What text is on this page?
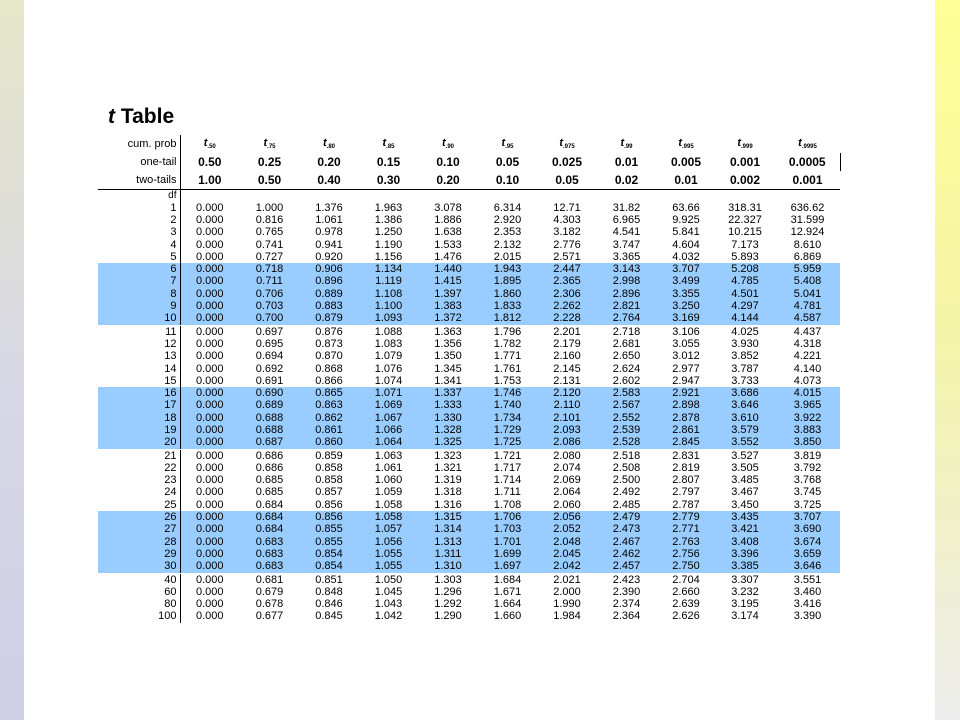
t Table
cum. prob	$t_{.50}$	$t_{.75}$	$t_{.80}$	$t_{.85}$	$t_{.90}$	$t_{.95}$	$t_{.975}$	$t_{.99}$	$t_{.995}$	$t_{.999}$	$t_{.9995}$
one-tail	0.50	0.25	0.20	0.15	0.10	0.05	0.025	0.01	0.005	0.001	0.0005
two-tails	1.00	0.50	0.40	0.30	0.20	0.10	0.05	0.02	0.01	0.002	0.001
df											
1	0.000	1.000	1.376	1.963	3.078	6.314	12.71	31.82	63.66	318.31	636.62
2	0.000	0.816	1.061	1.386	1.886	2.920	4.303	6.965	9.925	22.327	31.599
3	0.000	0.765	0.978	1.250	1.638	2.353	3.182	4.541	5.841	10.215	12.924
4	0.000	0.741	0.941	1.190	1.533	2.132	2.776	3.747	4.604	7.173	8.610
5	0.000	0.727	0.920	1.156	1.476	2.015	2.571	3.365	4.032	5.893	6.869
6	0.000	0.718	0.906	1.134	1.440	1.943	2.447	3.143	3.707	5.208	5.959
7	0.000	0.711	0.896	1.119	1.415	1.895	2.365	2.998	3.499	4.785	5.408
8	0.000	0.706	0.889	1.108	1.397	1.860	2.306	2.896	3.355	4.501	5.041
9	0.000	0.703	0.883	1.100	1.383	1.833	2.262	2.821	3.250	4.297	4.781
10	0.000	0.700	0.879	1.093	1.372	1.812	2.228	2.764	3.169	4.144	4.587
11	0.000	0.697	0.876	1.088	1.363	1.796	2.201	2.718	3.106	4.025	4.437
12	0.000	0.695	0.873	1.083	1.356	1.782	2.179	2.681	3.055	3.930	4.318
13	0.000	0.694	0.870	1.079	1.350	1.771	2.160	2.650	3.012	3.852	4.221
14	0.000	0.692	0.868	1.076	1.345	1.761	2.145	2.624	2.977	3.787	4.140
15	0.000	0.691	0.866	1.074	1.341	1.753	2.131	2.602	2.947	3.733	4.073
16	0.000	0.690	0.865	1.071	1.337	1.746	2.120	2.583	2.921	3.686	4.015
17	0.000	0.689	0.863	1.069	1.333	1.740	2.110	2.567	2.898	3.646	3.965
18	0.000	0.688	0.862	1.067	1.330	1.734	2.101	2.552	2.878	3.610	3.922
19	0.000	0.688	0.861	1.066	1.328	1.729	2.093	2.539	2.861	3.579	3.883
20	0.000	0.687	0.860	1.064	1.325	1.725	2.086	2.528	2.845	3.552	3.850
21	0.000	0.686	0.859	1.063	1.323	1.721	2.080	2.518	2.831	3.527	3.819
22	0.000	0.686	0.858	1.061	1.321	1.717	2.074	2.508	2.819	3.505	3.792
23	0.000	0.685	0.858	1.060	1.319	1.714	2.069	2.500	2.807	3.485	3.768
24	0.000	0.685	0.857	1.059	1.318	1.711	2.064	2.492	2.797	3.467	3.745
25	0.000	0.684	0.856	1.058	1.316	1.708	2.060	2.485	2.787	3.450	3.725
26	0.000	0.684	0.856	1.058	1.315	1.706	2.056	2.479	2.779	3.435	3.707
27	0.000	0.684	0.855	1.057	1.314	1.703	2.052	2.473	2.771	3.421	3.690
28	0.000	0.683	0.855	1.056	1.313	1.701	2.048	2.467	2.763	3.408	3.674
29	0.000	0.683	0.854	1.055	1.311	1.699	2.045	2.462	2.756	3.396	3.659
30	0.000	0.683	0.854	1.055	1.310	1.697	2.042	2.457	2.750	3.385	3.646
40	0.000	0.681	0.851	1.050	1.303	1.684	2.021	2.423	2.704	3.307	3.551
60	0.000	0.679	0.848	1.045	1.296	1.671	2.000	2.390	2.660	3.232	3.460
80	0.000	0.678	0.846	1.043	1.292	1.664	1.990	2.374	2.639	3.195	3.416
100	0.000	0.677	0.845	1.042	1.290	1.660	1.984	2.364	2.626	3.174	3.390
